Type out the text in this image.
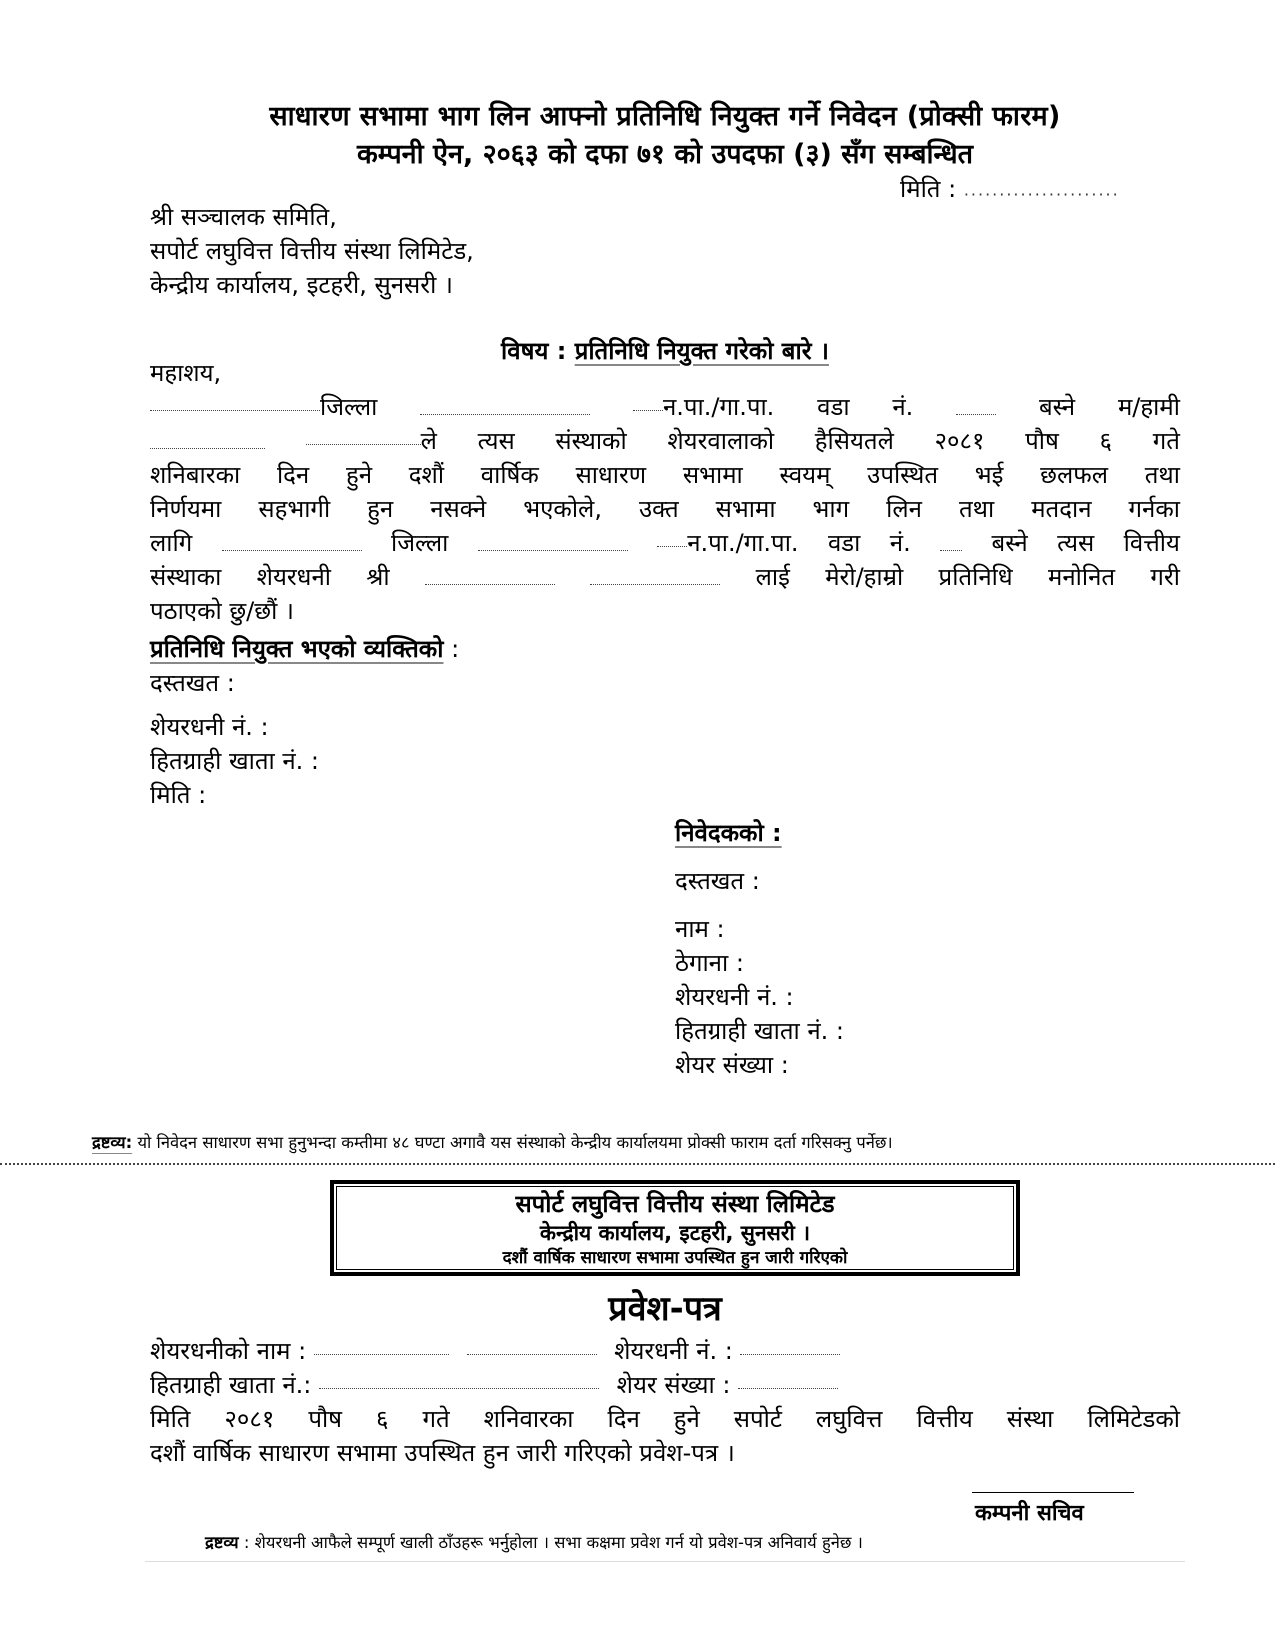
साधारण सभामा भाग लिन आफ्नो प्रतिनिधि नियुक्त गर्ने निवेदन (प्रोक्सी फारम)
कम्पनी ऐन, २०६३ को दफा ७१ को उपदफा (३) सँग सम्बन्धित
मिति : ......................
श्री सञ्चालक समिति,
सपोर्ट लघुवित्त वित्तीय संस्था लिमिटेड,
केन्द्रीय कार्यालय, इटहरी, सुनसरी ।
विषय : प्रतिनिधि नियुक्त गरेको बारे ।
महाशय,
जिल्ला	न.पा./गा.पा. वडा नं.	बस्ने म/हामी
ले त्यस संस्थाको शेयरवालाको हैसियतले २०८१ पौष ६ गते
शनिबारका दिन हुने दशौं वार्षिक साधारण सभामा स्वयम् उपस्थित भई छलफल तथा
निर्णयमा सहभागी हुन नसक्ने भएकोले, उक्त सभामा भाग लिन तथा मतदान गर्नका
लागि	जिल्ला	न.पा./गा.पा. वडा नं.	बस्ने त्यस वित्तीय
संस्थाका शेयरधनी श्री	लाई मेरो/हाम्रो प्रतिनिधि मनोनित गरी
पठाएको छु/छौं ।
प्रतिनिधि नियुक्त भएको व्यक्तिको :
दस्तखत :
शेयरधनी नं. :
हितग्राही खाता नं. :
मिति :
निवेदकको :
दस्तखत :
नाम :
ठेगाना :
शेयरधनी नं. :
हितग्राही खाता नं. :
शेयर संख्या :
द्रष्टव्य: यो निवेदन साधारण सभा हुनुभन्दा कम्तीमा ४८ घण्टा अगावै यस संस्थाको केन्द्रीय कार्यालयमा प्रोक्सी फाराम दर्ता गरिसक्नु पर्नेछ।
सपोर्ट लघुवित्त वित्तीय संस्था लिमिटेड
केन्द्रीय कार्यालय, इटहरी, सुनसरी ।
दशौं वार्षिक साधारण सभामा उपस्थित हुन जारी गरिएको
प्रवेश-पत्र
शेयरधनीको नाम :	शेयरधनी नं. :
हितग्राही खाता नं.:	शेयर संख्या :
मिति २०८१ पौष ६ गते शनिवारका दिन हुने सपोर्ट लघुवित्त वित्तीय संस्था लिमिटेडको
दशौं वार्षिक साधारण सभामा उपस्थित हुन जारी गरिएको प्रवेश-पत्र ।
कम्पनी सचिव
द्रष्टव्य : शेयरधनी आफैले सम्पूर्ण खाली ठाँउहरू भर्नुहोला । सभा कक्षमा प्रवेश गर्न यो प्रवेश-पत्र अनिवार्य हुनेछ ।
